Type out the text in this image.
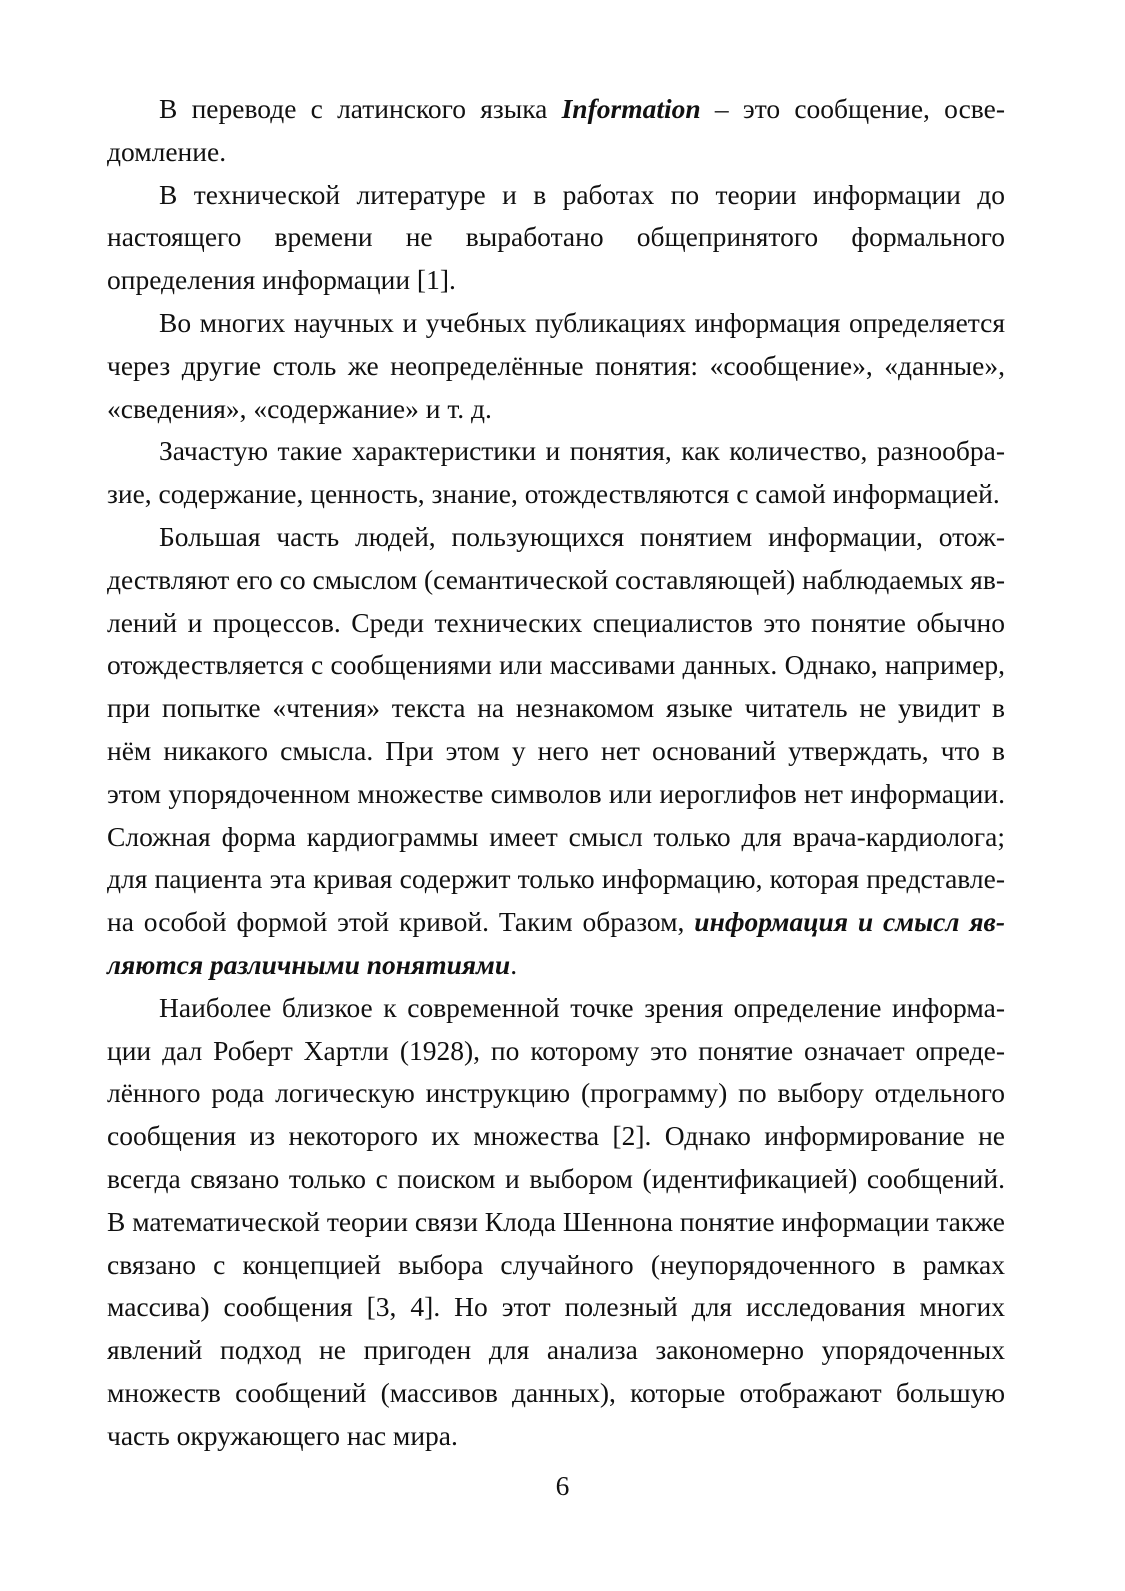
В переводе с латинского языка Information – это сообщение, осведомление.

В технической литературе и в работах по теории информации до настоящего времени не выработано общепринятого формального определения информации [1].

Во многих научных и учебных публикациях информация определяется через другие столь же неопределённые понятия: «сообщение», «данные», «сведения», «содержание» и т. д.

Зачастую такие характеристики и понятия, как количество, разнообразие, содержание, ценность, знание, отождествляются с самой информацией.

Большая часть людей, пользующихся понятием информации, отождествляют его со смыслом (семантической составляющей) наблюдаемых явлений и процессов. Среди технических специалистов это понятие обычно отождествляется с сообщениями или массивами данных. Однако, например, при попытке «чтения» текста на незнакомом языке читатель не увидит в нём никакого смысла. При этом у него нет оснований утверждать, что в этом упорядоченном множестве символов или иероглифов нет информации. Сложная форма кардиограммы имеет смысл только для врача-кардиолога; для пациента эта кривая содержит только информацию, которая представлена особой формой этой кривой. Таким образом, информация и смысл являются различными понятиями.

Наиболее близкое к современной точке зрения определение информации дал Роберт Хартли (1928), по которому это понятие означает определённого рода логическую инструкцию (программу) по выбору отдельного сообщения из некоторого их множества [2]. Однако информирование не всегда связано только с поиском и выбором (идентификацией) сообщений. В математической теории связи Клода Шеннона понятие информации также связано с концепцией выбора случайного (неупорядоченного в рамках массива) сообщения [3, 4]. Но этот полезный для исследования многих явлений подход не пригоден для анализа закономерно упорядоченных множеств сообщений (массивов данных), которые отображают большую часть окружающего нас мира.

6
